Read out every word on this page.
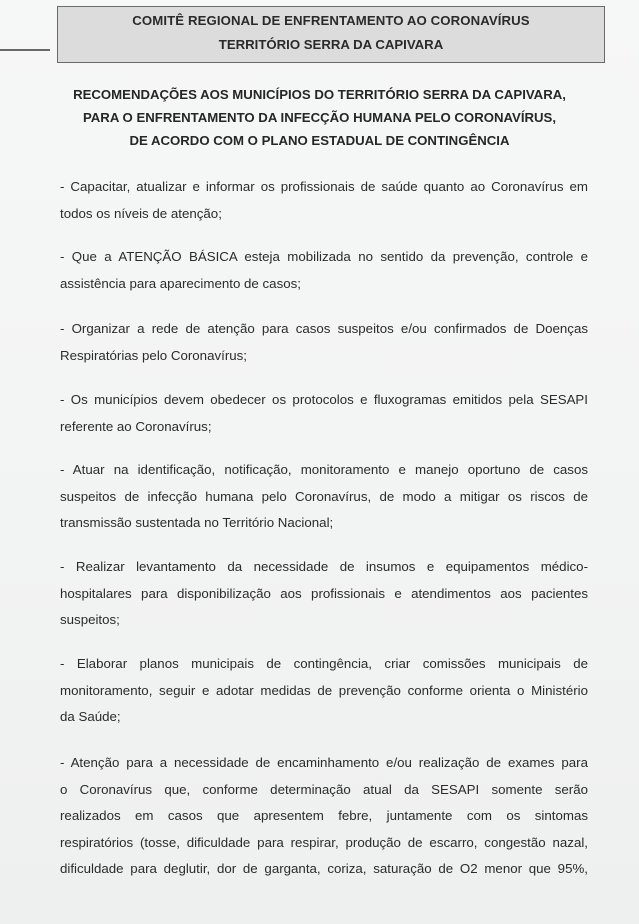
COMITÊ REGIONAL DE ENFRENTAMENTO AO CORONAVÍRUS
TERRITÓRIO SERRA DA CAPIVARA
RECOMENDAÇÕES AOS MUNICÍPIOS DO TERRITÓRIO SERRA DA CAPIVARA,
PARA O ENFRENTAMENTO DA INFECÇÃO HUMANA PELO CORONAVÍRUS,
DE ACORDO COM O PLANO ESTADUAL DE CONTINGÊNCIA
- Capacitar, atualizar e informar os profissionais de saúde quanto ao Coronavírus em
todos os níveis de atenção;
- Que a ATENÇÃO BÁSICA esteja mobilizada no sentido da prevenção, controle e
assistência para aparecimento de casos;
- Organizar a rede de atenção para casos suspeitos e/ou confirmados de Doenças
Respiratórias pelo Coronavírus;
- Os municípios devem obedecer os protocolos e fluxogramas emitidos pela SESAPI
referente ao Coronavírus;
- Atuar na identificação, notificação, monitoramento e manejo oportuno de casos
suspeitos de infecção humana pelo Coronavírus, de modo a mitigar os riscos de
transmissão sustentada no Território Nacional;
- Realizar levantamento da necessidade de insumos e equipamentos médico-
hospitalares para disponibilização aos profissionais e atendimentos aos pacientes
suspeitos;
- Elaborar planos municipais de contingência, criar comissões municipais de
monitoramento, seguir e adotar medidas de prevenção conforme orienta o Ministério
da Saúde;
- Atenção para a necessidade de encaminhamento e/ou realização de exames para
o Coronavírus que, conforme determinação atual da SESAPI somente serão
realizados em casos que apresentem febre, juntamente com os sintomas
respiratórios (tosse, dificuldade para respirar, produção de escarro, congestão nazal,
dificuldade para deglutir, dor de garganta, coriza, saturação de O2 menor que 95%,
